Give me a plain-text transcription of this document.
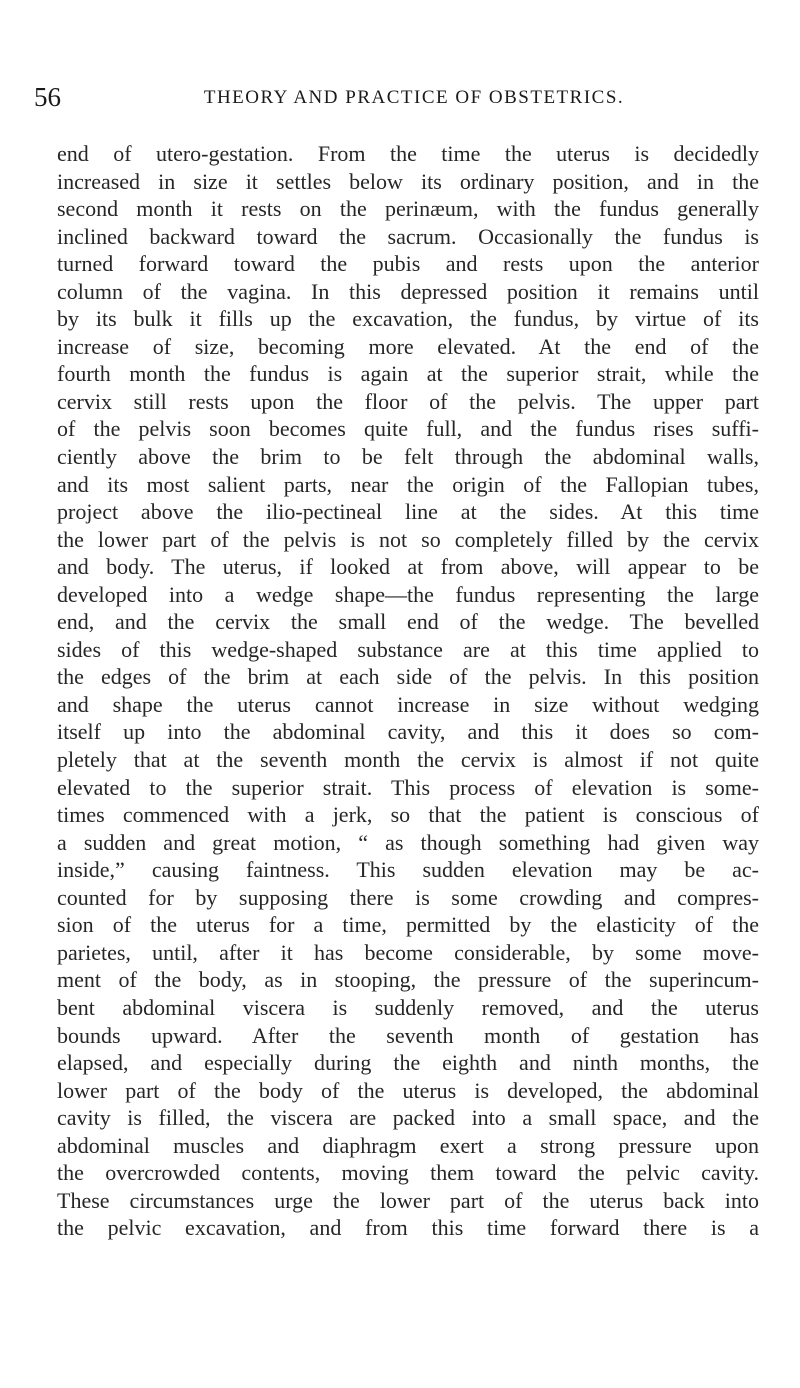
56	THEORY AND PRACTICE OF OBSTETRICS.
end of utero-gestation. From the time the uterus is decidedly
increased in size it settles below its ordinary position, and in the
second month it rests on the perinæum, with the fundus generally
inclined backward toward the sacrum. Occasionally the fundus is
turned forward toward the pubis and rests upon the anterior
column of the vagina. In this depressed position it remains until
by its bulk it fills up the excavation, the fundus, by virtue of its
increase of size, becoming more elevated. At the end of the
fourth month the fundus is again at the superior strait, while the
cervix still rests upon the floor of the pelvis. The upper part
of the pelvis soon becomes quite full, and the fundus rises suffi-
ciently above the brim to be felt through the abdominal walls,
and its most salient parts, near the origin of the Fallopian tubes,
project above the ilio-pectineal line at the sides. At this time
the lower part of the pelvis is not so completely filled by the cervix
and body. The uterus, if looked at from above, will appear to be
developed into a wedge shape—the fundus representing the large
end, and the cervix the small end of the wedge. The bevelled
sides of this wedge-shaped substance are at this time applied to
the edges of the brim at each side of the pelvis. In this position
and shape the uterus cannot increase in size without wedging
itself up into the abdominal cavity, and this it does so com-
pletely that at the seventh month the cervix is almost if not quite
elevated to the superior strait. This process of elevation is some-
times commenced with a jerk, so that the patient is conscious of
a sudden and great motion, “ as though something had given way
inside,” causing faintness. This sudden elevation may be ac-
counted for by supposing there is some crowding and compres-
sion of the uterus for a time, permitted by the elasticity of the
parietes, until, after it has become considerable, by some move-
ment of the body, as in stooping, the pressure of the superincum-
bent abdominal viscera is suddenly removed, and the uterus
bounds upward. After the seventh month of gestation has
elapsed, and especially during the eighth and ninth months, the
lower part of the body of the uterus is developed, the abdominal
cavity is filled, the viscera are packed into a small space, and the
abdominal muscles and diaphragm exert a strong pressure upon
the overcrowded contents, moving them toward the pelvic cavity.
These circumstances urge the lower part of the uterus back into
the pelvic excavation, and from this time forward there is a
